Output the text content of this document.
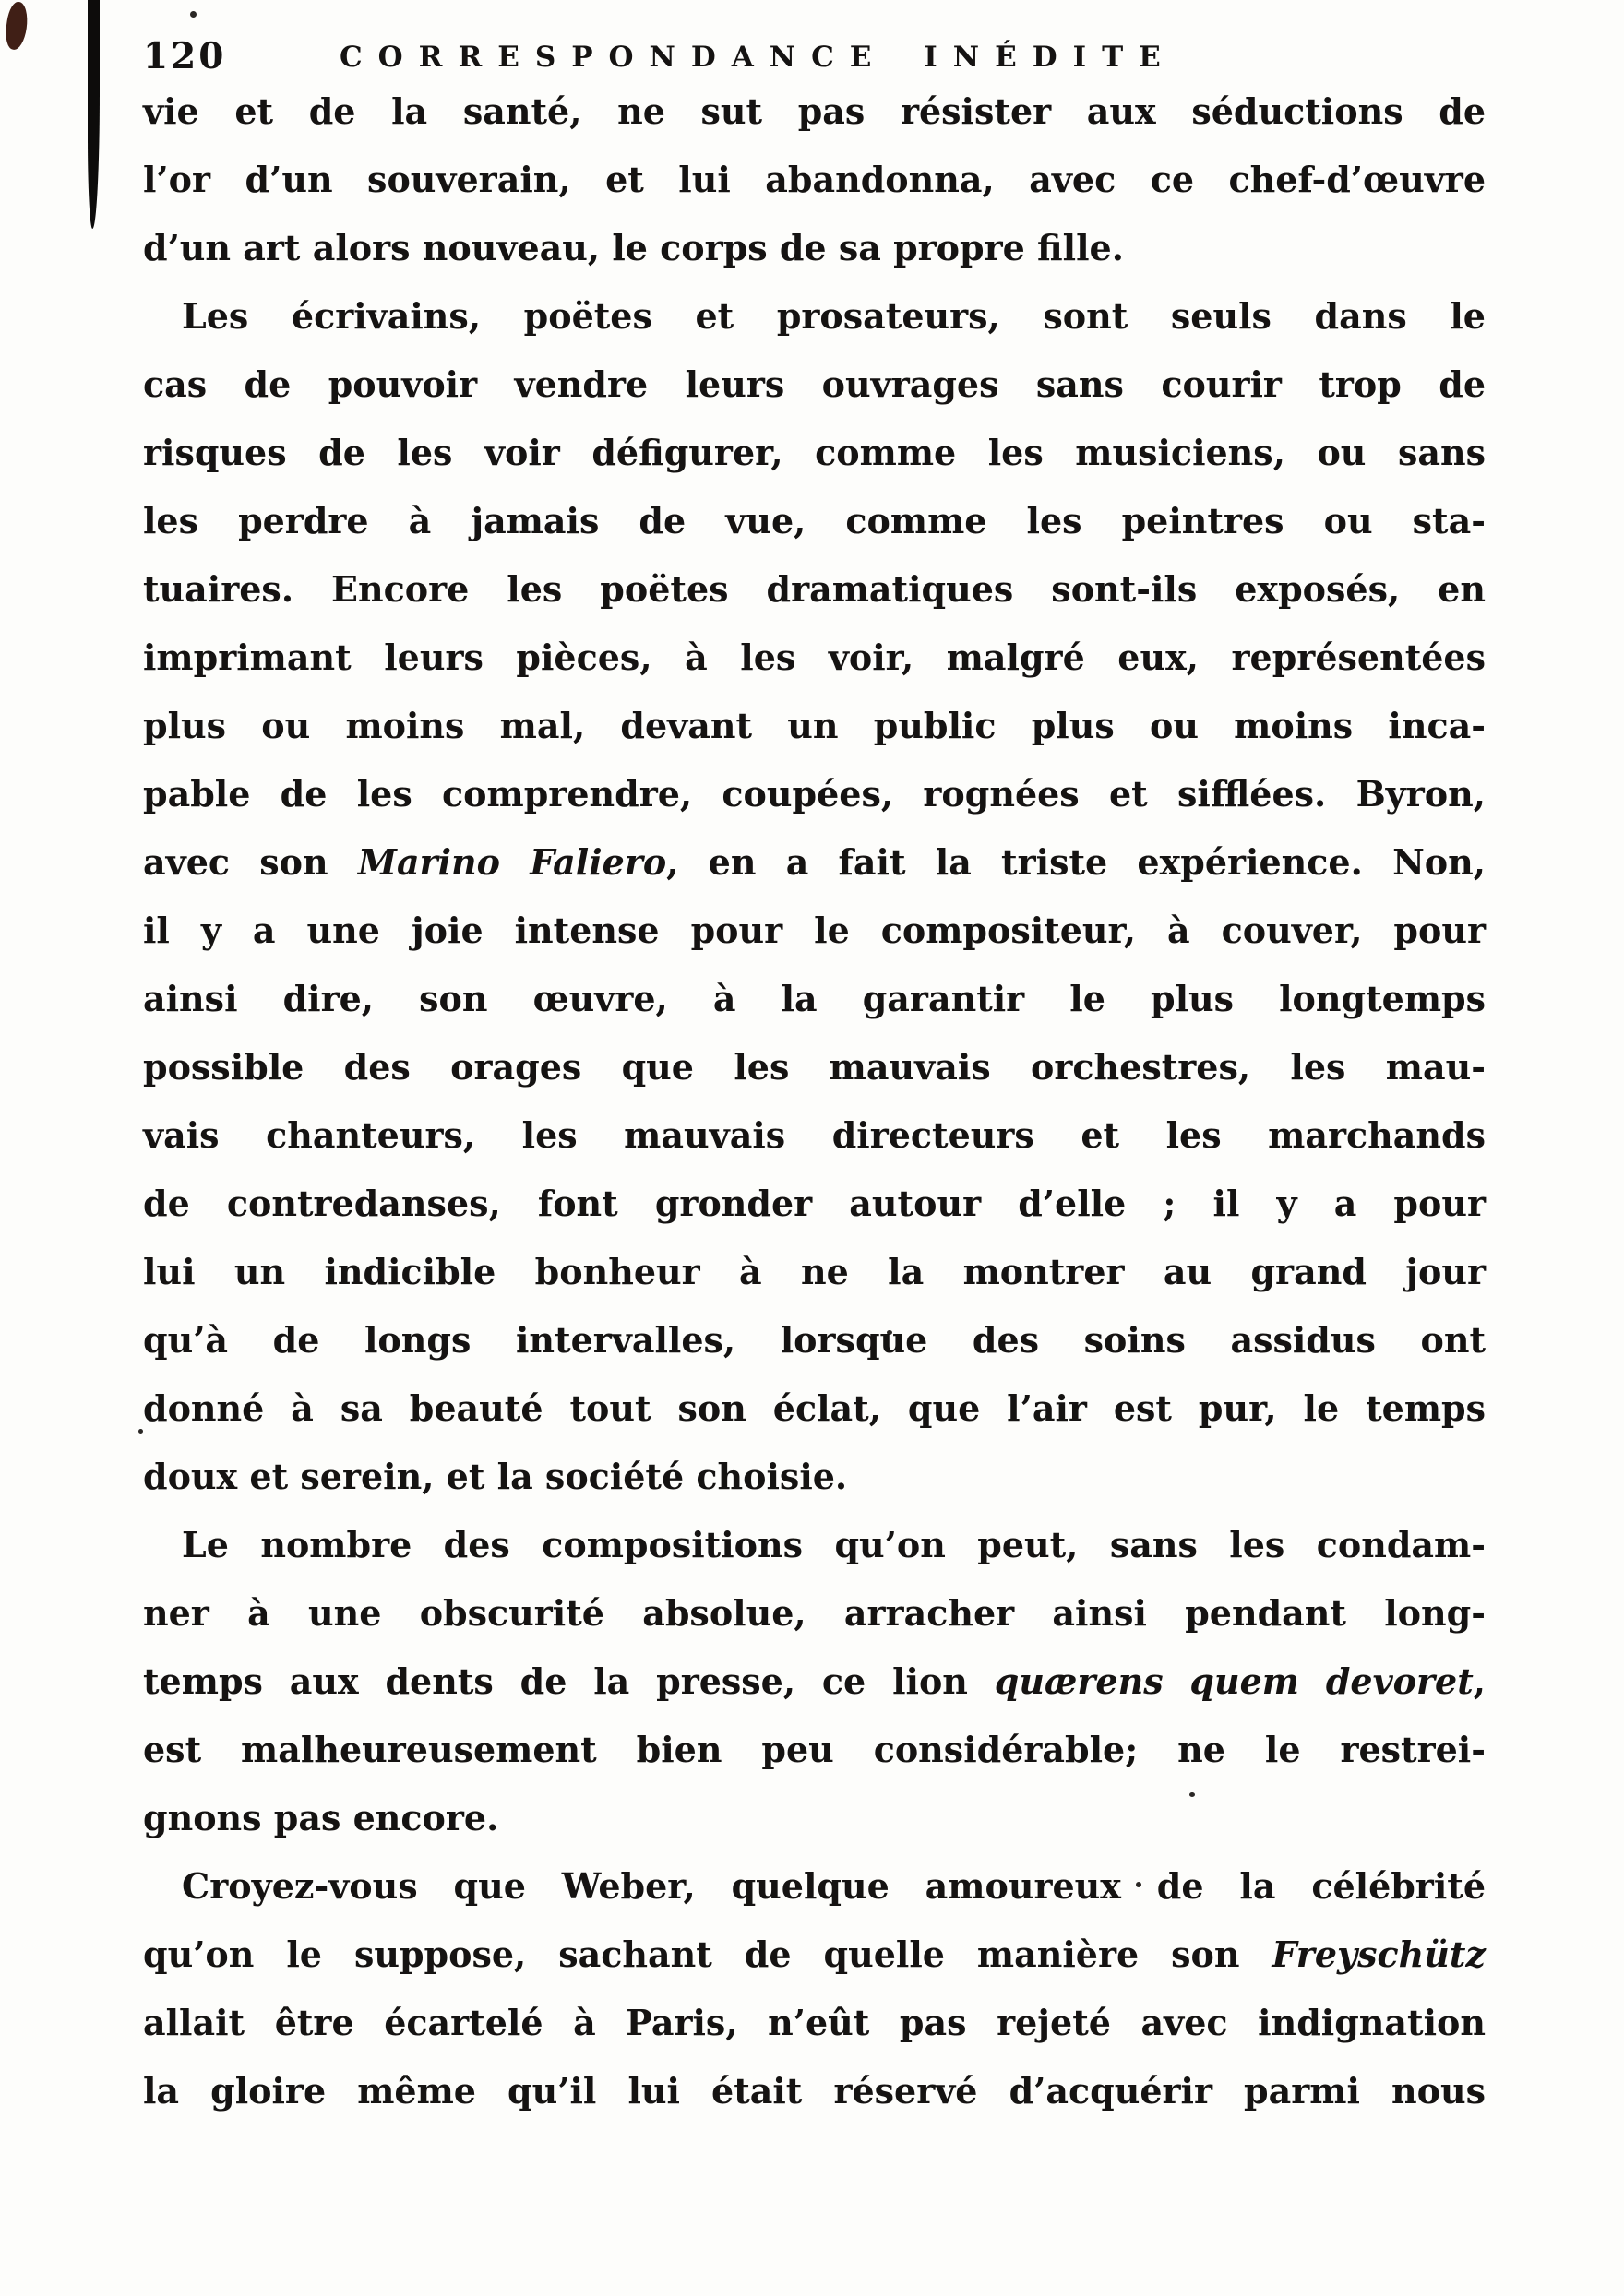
120	CORRESPONDANCE INÉDITE
vie et de la santé, ne sut pas résister aux séductions de
l’or d’un souverain, et lui abandonna, avec ce chef-d’œuvre
d’un art alors nouveau, le corps de sa propre fille.
Les écrivains, poëtes et prosateurs, sont seuls dans le
cas de pouvoir vendre leurs ouvrages sans courir trop de
risques de les voir défigurer, comme les musiciens, ou sans
les perdre à jamais de vue, comme les peintres ou sta-
tuaires. Encore les poëtes dramatiques sont-ils exposés, en
imprimant leurs pièces, à les voir, malgré eux, représentées
plus ou moins mal, devant un public plus ou moins inca-
pable de les comprendre, coupées, rognées et sifflées. Byron,
avec son Marino Faliero, en a fait la triste expérience. Non,
il y a une joie intense pour le compositeur, à couver, pour
ainsi dire, son œuvre, à la garantir le plus longtemps
possible des orages que les mauvais orchestres, les mau-
vais chanteurs, les mauvais directeurs et les marchands
de contredanses, font gronder autour d’elle ; il y a pour
lui un indicible bonheur à ne la montrer au grand jour
qu’à de longs intervalles, lorsque des soins assidus ont
donné à sa beauté tout son éclat, que l’air est pur, le temps
doux et serein, et la société choisie.
Le nombre des compositions qu’on peut, sans les condam-
ner à une obscurité absolue, arracher ainsi pendant long-
temps aux dents de la presse, ce lion quærens quem devoret,
est malheureusement bien peu considérable; ne le restrei-
gnons pas encore.
Croyez-vous que Weber, quelque amoureux de la célébrité
qu’on le suppose, sachant de quelle manière son Freyschütz
allait être écartelé à Paris, n’eût pas rejeté avec indignation
la gloire même qu’il lui était réservé d’acquérir parmi nous
